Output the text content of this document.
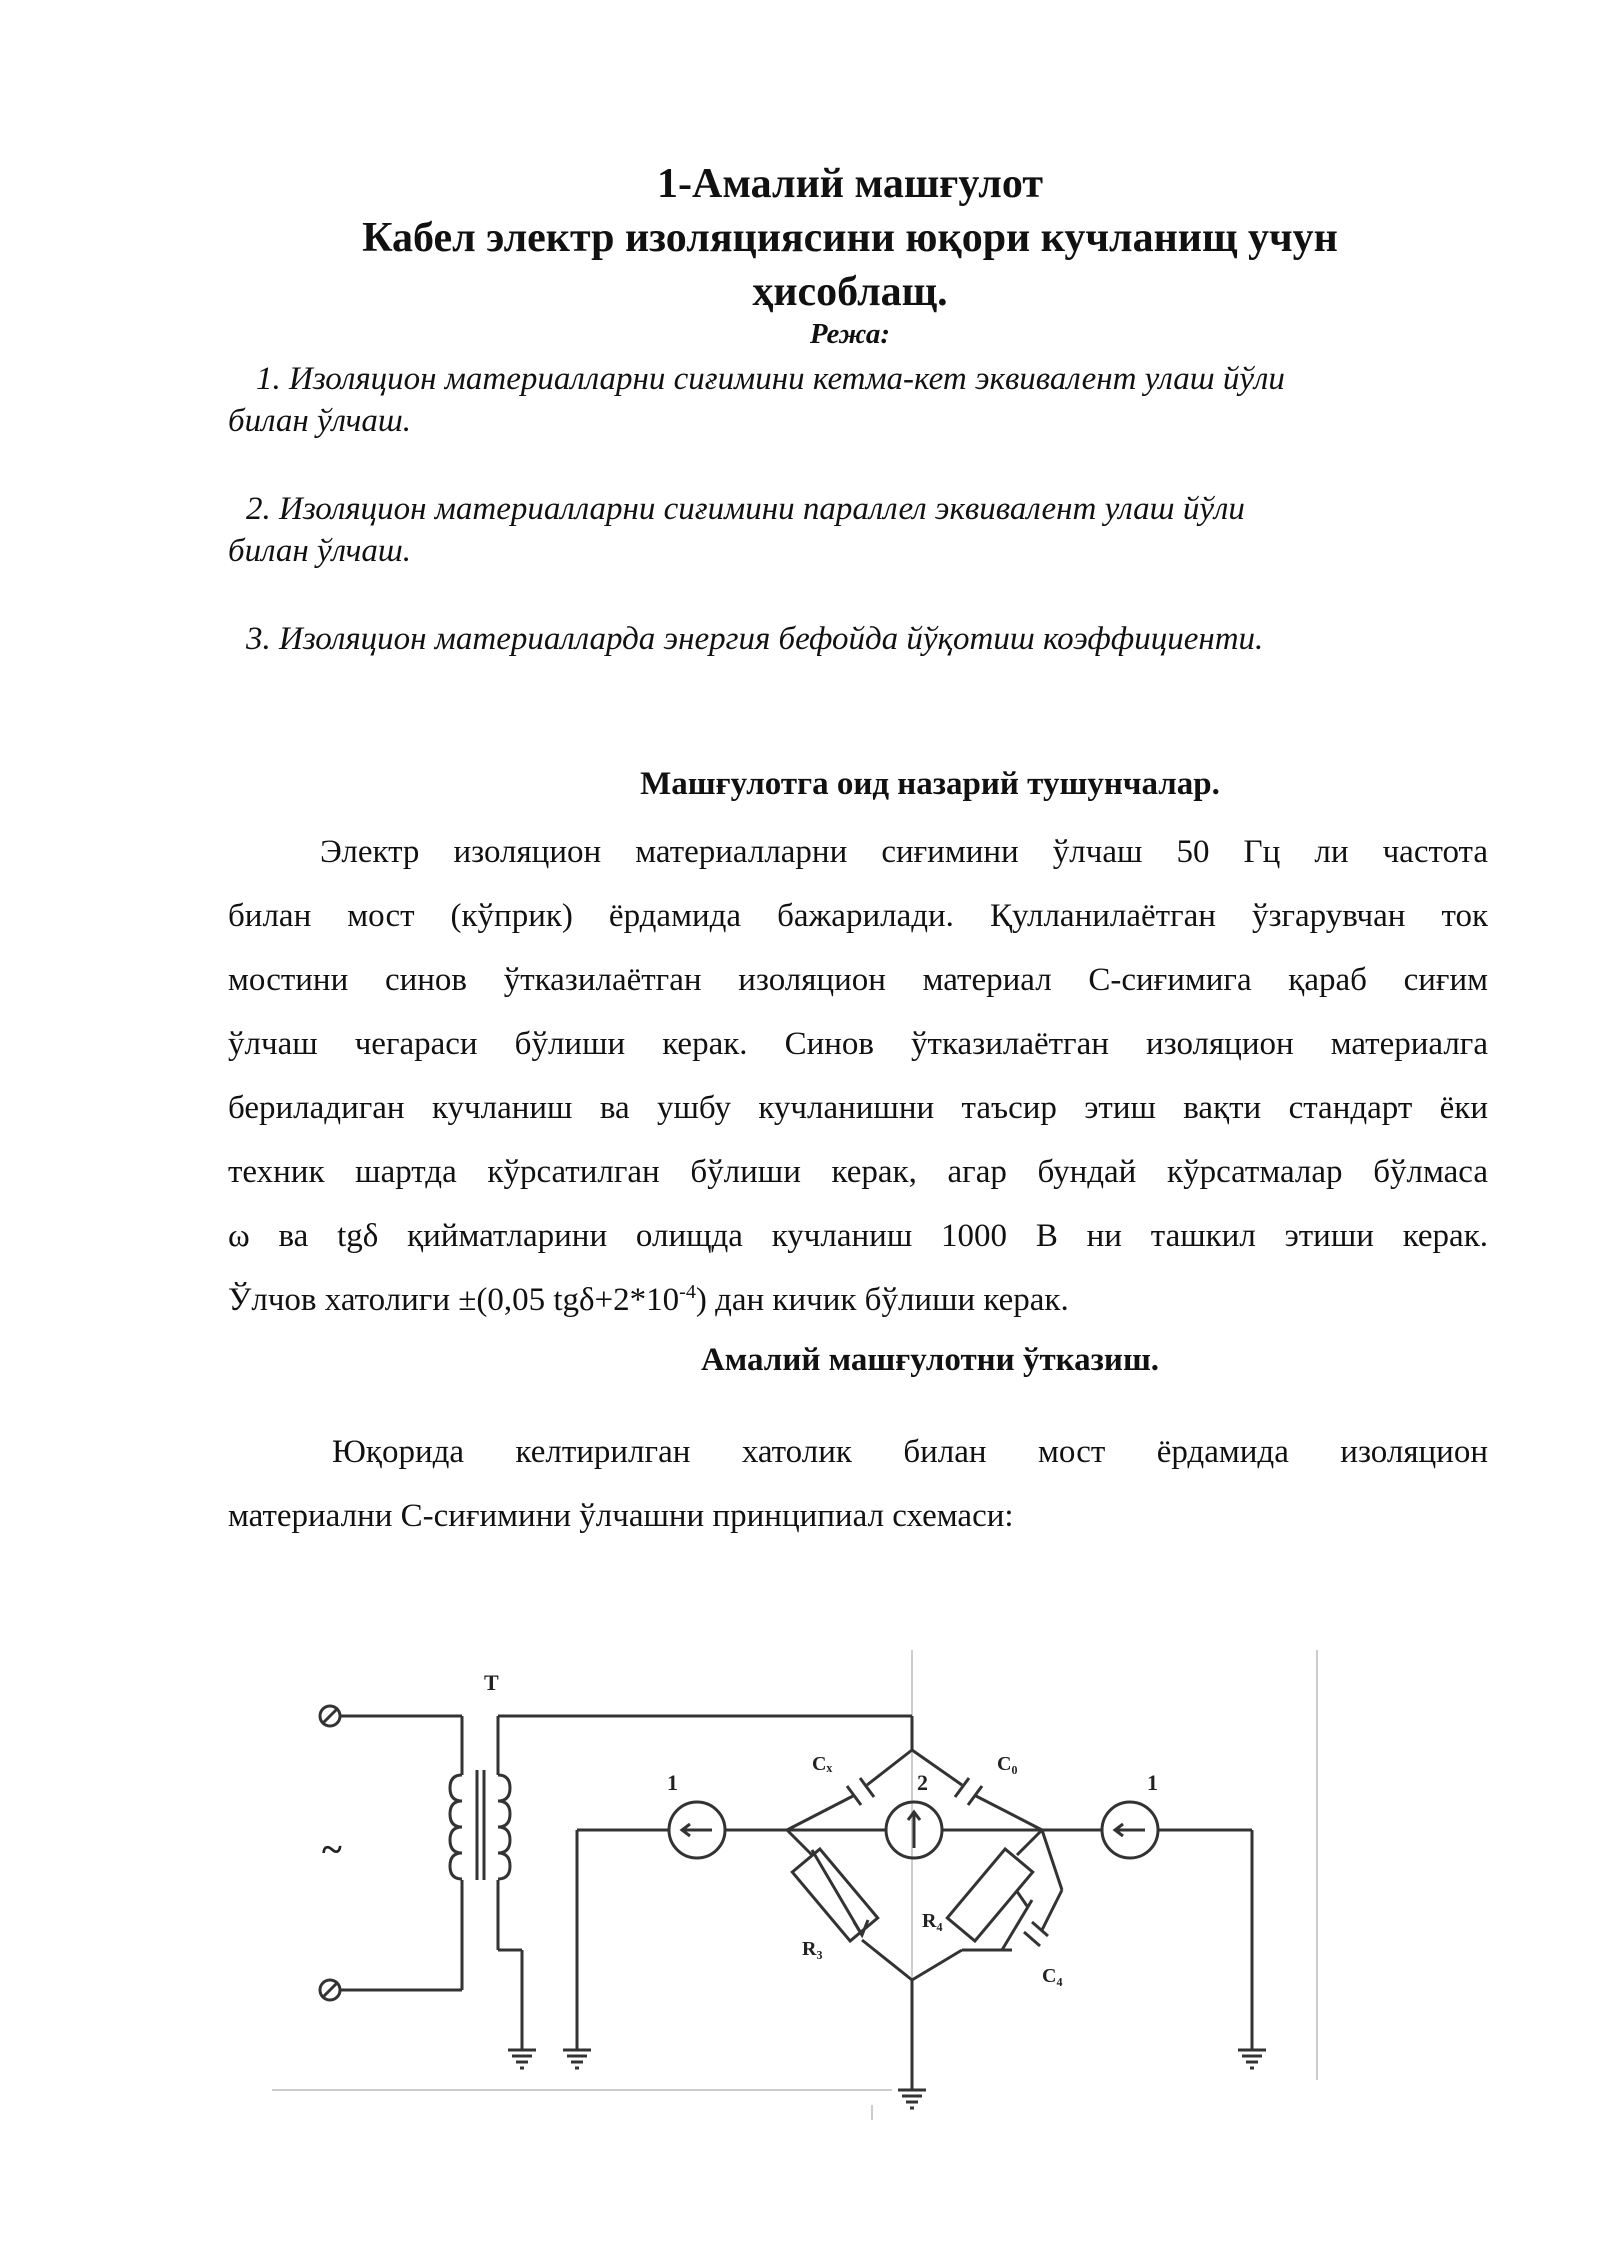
1-Амалий машғулот
Кабел электр изоляциясини юқори кучланищ учун
ҳисоблащ.
Режа:
1. Изоляцион материалларни сиғимини кетма-кет эквивалент улаш йўли
билан ўлчаш.
2. Изоляцион материалларни сиғимини параллел эквивалент улаш йўли
билан ўлчаш.
3. Изоляцион материалларда энергия бефойда йўқотиш коэффициенти.
Машғулотга оид назарий тушунчалар.
Электр изоляцион материалларни сиғимини ўлчаш 50 Гц ли частота
билан мост (кўприк) ёрдамида бажарилади. Қулланилаётган ўзгарувчан ток
мостини синов ўтказилаётган изоляцион материал С-сиғимига қараб сиғим
ўлчаш чегараси бўлиши керак. Синов ўтказилаётган изоляцион материалга
бериладиган кучланиш ва ушбу кучланишни таъсир этиш вақти стандарт ёки
техник шартда кўрсатилган бўлиши керак, агар бундай кўрсатмалар бўлмаса
ω ва tgδ қийматларини олищда кучланиш 1000 В ни ташкил этиши керак.
Ўлчов хатолиги ±(0,05 $tg\delta+2*10^{-4}$) дан кичик бўлиши керак.
Амалий машғулотни ўтказиш.
Юқорида келтирилган хатолик билан мост ёрдамида изоляцион
материални С-сиғимини ўлчашни принципиал схемаси:
T
~
1	2	1
Cₓ	C₀
R₃
R₄
C₄
